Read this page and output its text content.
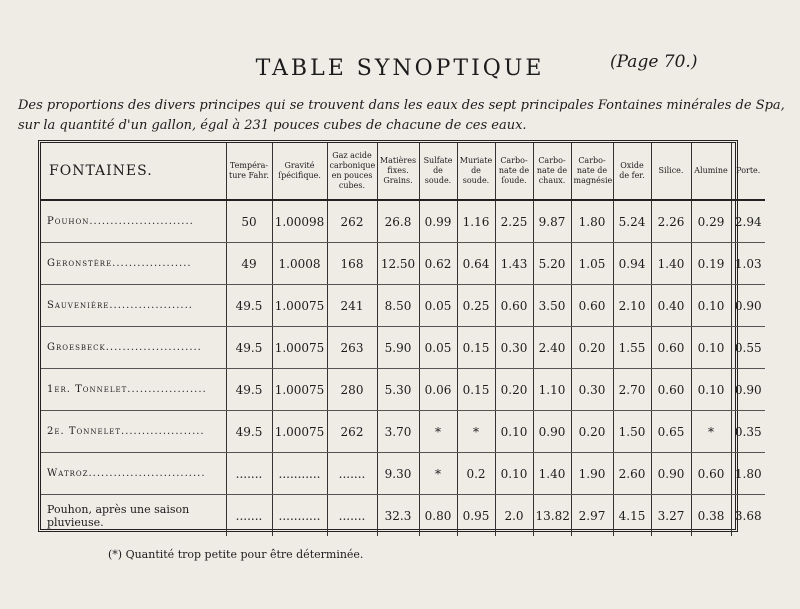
(Page 70.)
TABLE SYNOPTIQUE
Des proportions des divers principes qui se trouvent dans les eaux des sept principales Fontaines minérales de Spa,
sur la quantité d'un gallon, égal à 231 pouces cubes de chacune de ces eaux.
FONTAINES.	Tempéra-ture Fahr.	Gravité ſpécifique.	Gaz acide carbonique en pouces cubes.	Matières fixes. Grains.	Sulfate de soude.	Muriate de soude.	Carbo-nate de ſoude.	Carbo-nate de chaux.	Carbo-nate de magnésie	Oxide de fer.	Silice.	Alumine	Porte.
Pouhon.........................	50	1.00098	262	26.8	0.99	1.16	2.25	9.87	1.80	5.24	2.26	0.29	2.94
Geronstère...................	49	1.0008	168	12.50	0.62	0.64	1.43	5.20	1.05	0.94	1.40	0.19	1.03
Sauvenière....................	49.5	1.00075	241	8.50	0.05	0.25	0.60	3.50	0.60	2.10	0.40	0.10	0.90
Groesbeck.......................	49.5	1.00075	263	5.90	0.05	0.15	0.30	2.40	0.20	1.55	0.60	0.10	0.55
1er. Tonnelet...................	49.5	1.00075	280	5.30	0.06	0.15	0.20	1.10	0.30	2.70	0.60	0.10	0.90
2e. Tonnelet....................	49.5	1.00075	262	3.70	*	*	0.10	0.90	0.20	1.50	0.65	*	0.35
Watroz............................	.......	...........	.......	9.30	*	0.2	0.10	1.40	1.90	2.60	0.90	0.60	1.80
Pouhon, après une saison pluvieuse.	.......	...........	.......	32.3	0.80	0.95	2.0	13.82	2.97	4.15	3.27	0.38	3.68
(*) Quantité trop petite pour être déterminée.
